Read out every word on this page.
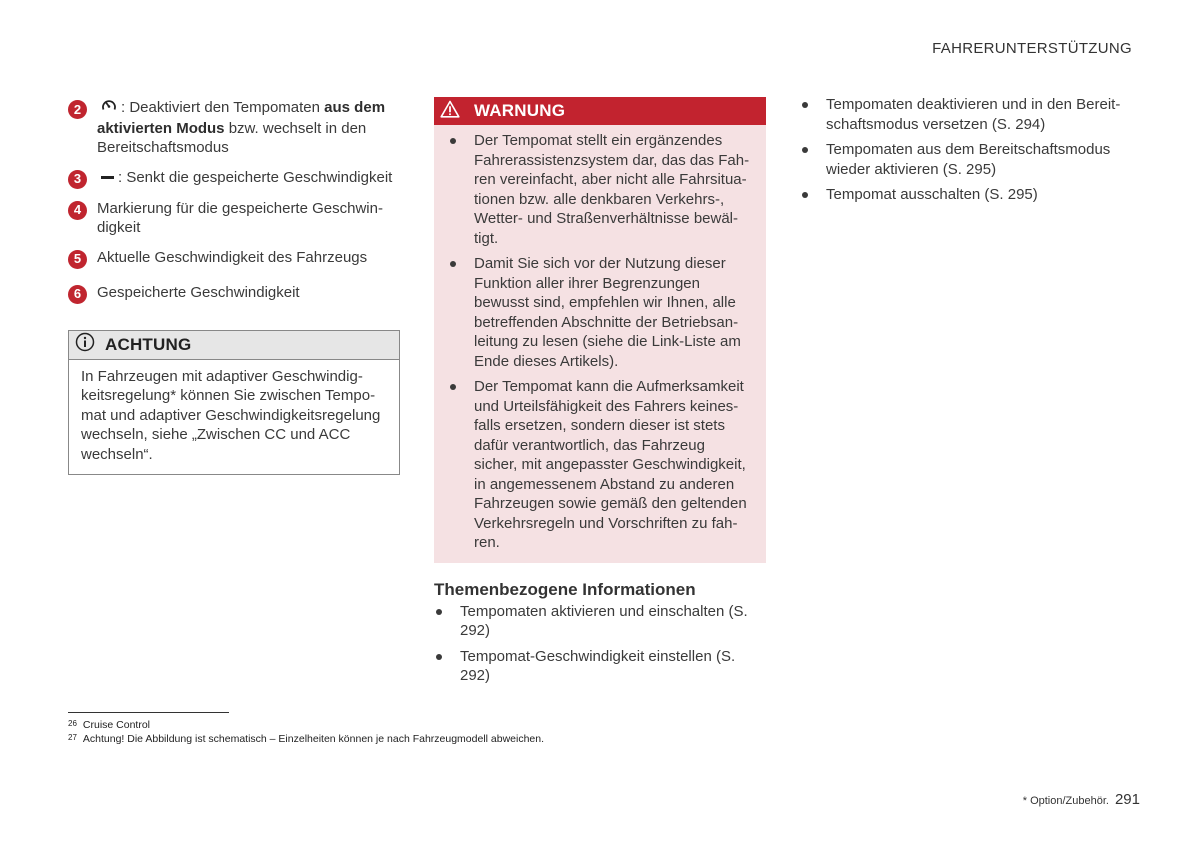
FAHRERUNTERSTÜTZUNG
2	: Deaktiviert den Tempomaten aus dem aktivierten Modus bzw. wechselt in den Bereitschaftsmodus
3	: Senkt die gespeicherte Geschwindigkeit
4	Markierung für die gespeicherte Geschwindigkeit
5	Aktuelle Geschwindigkeit des Fahrzeugs
6	Gespeicherte Geschwindigkeit
ACHTUNG
In Fahrzeugen mit adaptiver Geschwindigkeitsregelung* können Sie zwischen Tempomat und adaptiver Geschwindigkeitsregelung wechseln, siehe „Zwischen CC und ACC wechseln“.
WARNUNG
Der Tempomat stellt ein ergänzendes Fahrerassistenzsystem dar, das das Fahren vereinfacht, aber nicht alle Fahrsituationen bzw. alle denkbaren Verkehrs-, Wetter- und Straßenverhältnisse bewältigt.
Damit Sie sich vor der Nutzung dieser Funktion aller ihrer Begrenzungen bewusst sind, empfehlen wir Ihnen, alle betreffenden Abschnitte der Betriebsanleitung zu lesen (siehe die Link-Liste am Ende dieses Artikels).
Der Tempomat kann die Aufmerksamkeit und Urteilsfähigkeit des Fahrers keinesfalls ersetzen, sondern dieser ist stets dafür verantwortlich, das Fahrzeug sicher, mit angepasster Geschwindigkeit, in angemessenem Abstand zu anderen Fahrzeugen sowie gemäß den geltenden Verkehrsregeln und Vorschriften zu fahren.
Themenbezogene Informationen
Tempomaten aktivieren und einschalten (S. 292)
Tempomat-Geschwindigkeit einstellen (S. 292)
Tempomaten deaktivieren und in den Bereitschaftsmodus versetzen (S. 294)
Tempomaten aus dem Bereitschaftsmodus wieder aktivieren (S. 295)
Tempomat ausschalten (S. 295)
$^{26}$ Cruise Control
$^{27}$ Achtung! Die Abbildung ist schematisch – Einzelheiten können je nach Fahrzeugmodell abweichen.
* Option/Zubehör. 291
